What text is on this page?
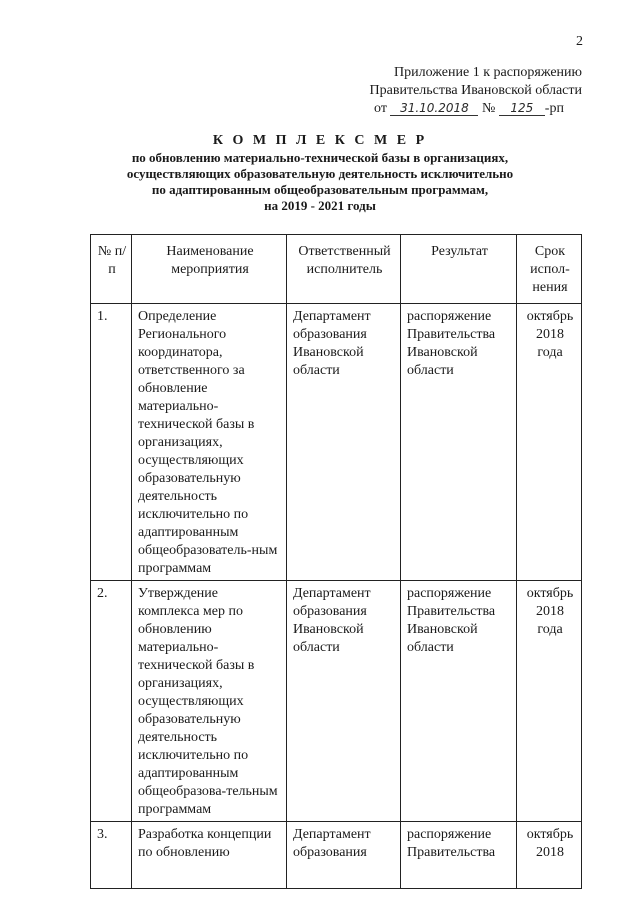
2
Приложение 1 к распоряжению
Правительства Ивановской области
от 31.10.2018 № 125 -рп
К О М П Л Е К С М Е Р
по обновлению материально-технической базы в организациях,
осуществляющих образовательную деятельность исключительно
по адаптированным общеобразовательным программам,
на 2019 - 2021 годы
№ п/п	Наименование мероприятия	Ответственный исполнитель	Результат	Срок испол-нения
1.	Определение Регионального координатора, ответственного за обновление материально-технической базы в организациях, осуществляющих образовательную деятельность исключительно по адаптированным общеобразователь-ным программам	Департамент образования Ивановской области	распоряжение Правительства Ивановской области	октябрь 2018 года
2.	Утверждение комплекса мер по обновлению материально-технической базы в организациях, осуществляющих образовательную деятельность исключительно по адаптированным общеобразова-тельным программам	Департамент образования Ивановской области	распоряжение Правительства Ивановской области	октябрь 2018 года
3.	Разработка концепции по обновлению	Департамент образования	распоряжение Правительства	октябрь 2018
